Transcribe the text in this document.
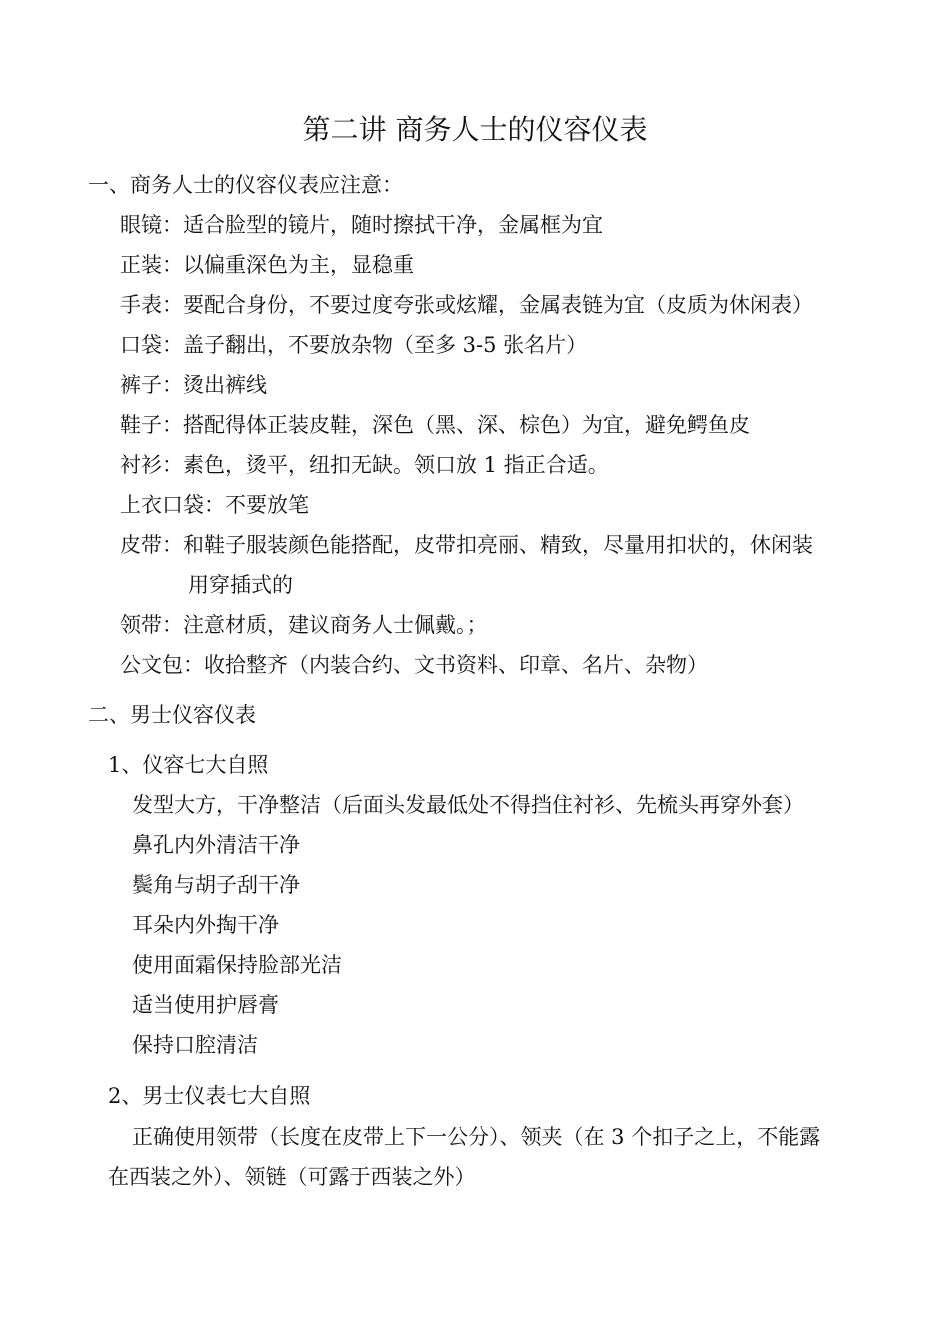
第二讲 商务人士的仪容仪表
一、商务人士的仪容仪表应注意：
眼镜：适合脸型的镜片，随时擦拭干净，金属框为宜
正装：以偏重深色为主，显稳重
手表：要配合身份，不要过度夸张或炫耀，金属表链为宜（皮质为休闲表）
口袋：盖子翻出，不要放杂物（至多 3-5 张名片）
裤子：烫出裤线
鞋子：搭配得体正装皮鞋，深色（黑、深、棕色）为宜，避免鳄鱼皮
衬衫：素色，烫平，纽扣无缺。领口放 1 指正合适。
上衣口袋：不要放笔
皮带：和鞋子服装颜色能搭配，皮带扣亮丽、精致，尽量用扣状的，休闲装
用穿插式的
领带：注意材质，建议商务人士佩戴。；
公文包：收拾整齐（内装合约、文书资料、印章、名片、杂物）
二、男士仪容仪表
1、仪容七大自照
发型大方，干净整洁（后面头发最低处不得挡住衬衫、先梳头再穿外套）
鼻孔内外清洁干净
鬓角与胡子刮干净
耳朵内外掏干净
使用面霜保持脸部光洁
适当使用护唇膏
保持口腔清洁
2、男士仪表七大自照
正确使用领带（长度在皮带上下一公分）、领夹（在 3 个扣子之上，不能露
在西装之外）、领链（可露于西装之外）
